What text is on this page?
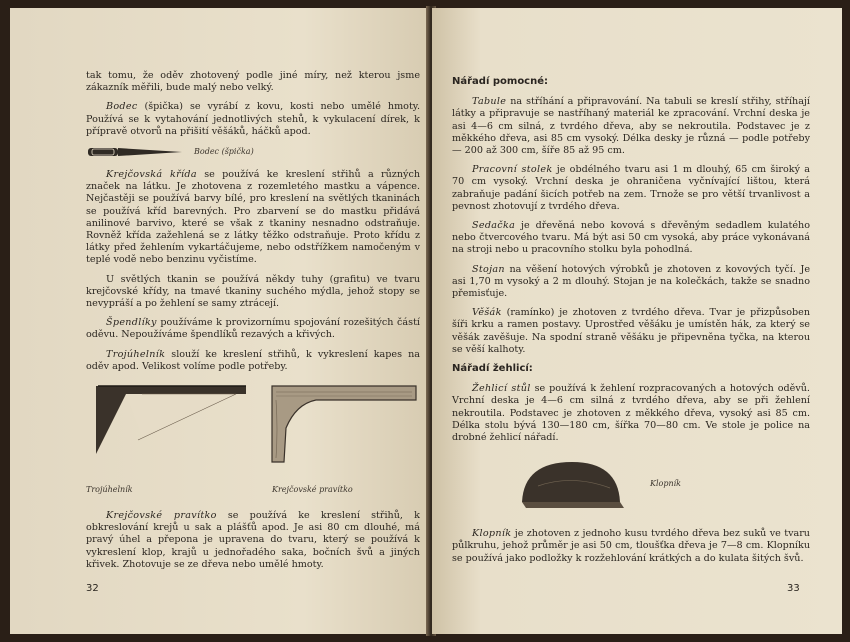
tak tomu, že oděv zhotovený podle jiné míry, než kterou jsme zákazník měřili, bude malý nebo velký.

Bodec (špička) se vyrábí z kovu, kosti nebo umělé hmoty. Používá se k vytahování jednotlivých stehů, k vykulacení dírek, k přípravě otvorů na přišití věšáků, háčků apod.

Bodec (špička)

Krejčovská křída se používá ke kreslení střihů a různých značek na látku. Je zhotovena z rozemletého mastku a vápence. Nejčastěji se používá barvy bílé, pro kreslení na světlých tkaninách se používá kříd barevných. Pro zbarvení se do mastku přidává anilinové barvivo, které se však z tkaniny nesnadno odstraňuje. Rovněž křída zažehlená se z látky těžko odstraňuje. Proto křídu z látky před žehlením vykartáčujeme, nebo odstřížkem namočeným v teplé vodě nebo benzinu vyčistíme.

U světlých tkanin se používá někdy tuhy (grafitu) ve tvaru krejčovské křídy, na tmavé tkaniny suchého mýdla, jehož stopy se nevypráší a po žehlení se samy ztrácejí.

Špendlíky používáme k provizornímu spojování rozešitých částí oděvu. Nepoužíváme špendlíků rezavých a křivých.

Trojúhelník slouží ke kreslení střihů, k vykreslení kapes na oděv apod. Velikost volíme podle potřeby.

Trojúhelník	Krejčovské pravítko

Krejčovské pravítko se používá ke kreslení střihů, k obkreslování krejů u sak a plášťů apod. Je asi 80 cm dlouhé, má pravý úhel a přepona je upravena do tvaru, který se používá k vykreslení klop, krajů u jednořadého saka, bočních švů a jiných křivek. Zhotovuje se ze dřeva nebo umělé hmoty.

32
Nářadí pomocné:

Tabule na stříhání a připravování. Na tabuli se kreslí střihy, stříhají látky a připravuje se nastříhaný materiál ke zpracování. Vrchní deska je asi 4—6 cm silná, z tvrdého dřeva, aby se nekroutila. Podstavec je z měkkého dřeva, asi 85 cm vysoký. Délka desky je různá — podle potřeby — 200 až 300 cm, šíře 85 až 95 cm.

Pracovní stolek je obdélného tvaru asi 1 m dlouhý, 65 cm široký a 70 cm vysoký. Vrchní deska je ohraničena vyčnívající lištou, která zabraňuje padání šicích potřeb na zem. Trnože se pro větší trvanlivost a pevnost zhotovují z tvrdého dřeva.

Sedačka je dřevěná nebo kovová s dřevěným sedadlem kulatého nebo čtvercového tvaru. Má být asi 50 cm vysoká, aby práce vykonávaná na stroji nebo u pracovního stolku byla pohodlná.

Stojan na věšení hotových výrobků je zhotoven z kovových tyčí. Je asi 1,70 m vysoký a 2 m dlouhý. Stojan je na kolečkách, takže se snadno přemisťuje.

Věšák (ramínko) je zhotoven z tvrdého dřeva. Tvar je přizpůsoben šíři krku a ramen postavy. Uprostřed věšáku je umístěn hák, za který se věšák zavěšuje. Na spodní straně věšáku je připevněna tyčka, na kterou se věší kalhoty.

Nářadí žehlicí:

Žehlicí stůl se používá k žehlení rozpracovaných a hotových oděvů. Vrchní deska je 4—6 cm silná z tvrdého dřeva, aby se při žehlení nekroutila. Podstavec je zhotoven z měkkého dřeva, vysoký asi 85 cm. Délka stolu bývá 130—180 cm, šířka 70—80 cm. Ve stole je police na drobné žehlicí nářadí.

Klopník

Klopník je zhotoven z jednoho kusu tvrdého dřeva bez suků ve tvaru půlkruhu, jehož průměr je asi 50 cm, tloušťka dřeva je 7—8 cm. Klopníku se používá jako podložky k rozžehlování krátkých a do kulata šitých švů.

33
